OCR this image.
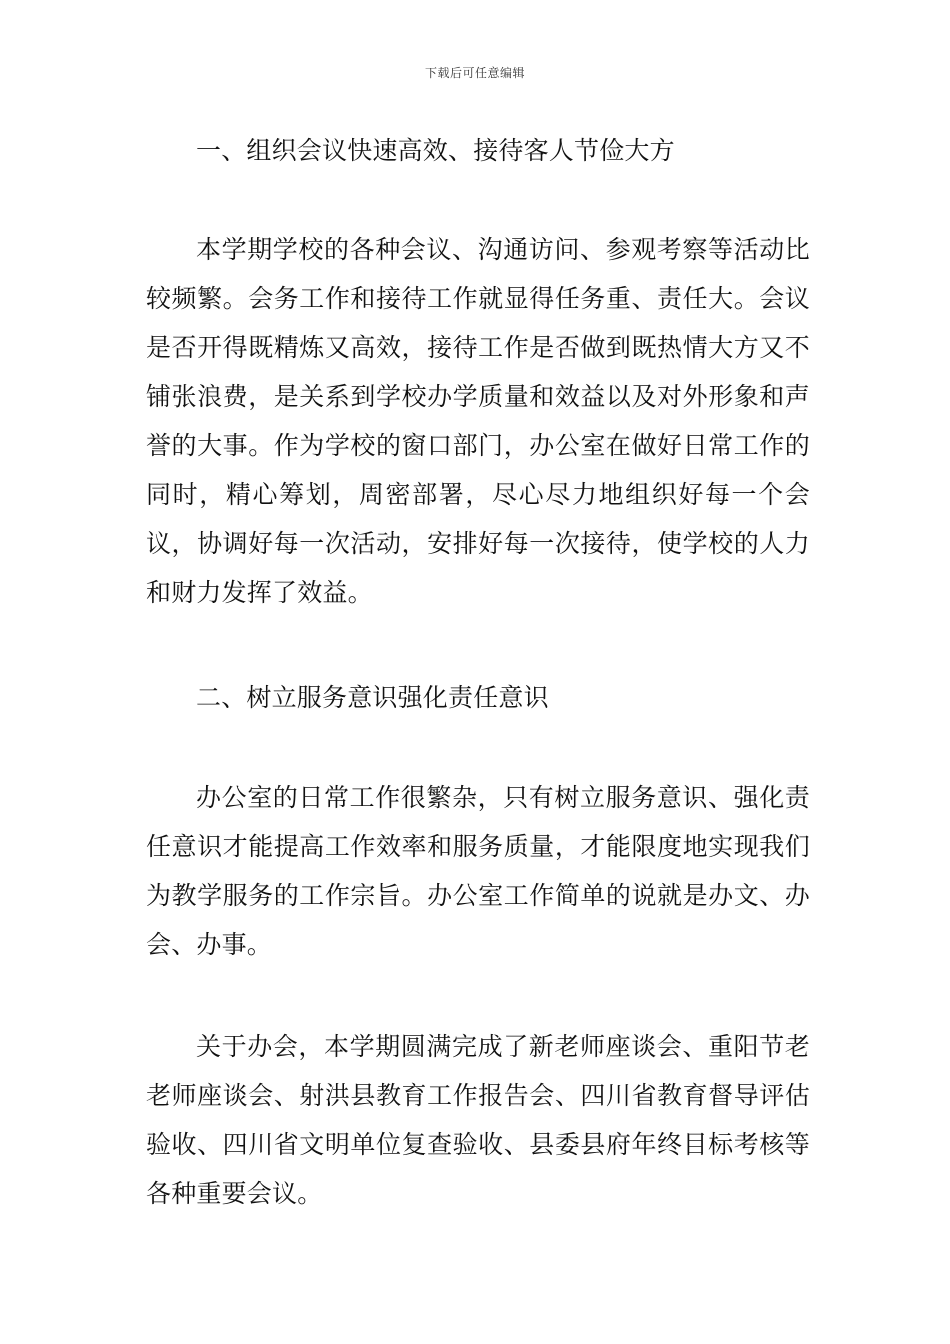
下载后可任意编辑

一、组织会议快速高效、接待客人节俭大方

本学期学校的各种会议、沟通访问、参观考察等活动比较频繁。会务工作和接待工作就显得任务重、责任大。会议是否开得既精炼又高效，接待工作是否做到既热情大方又不铺张浪费，是关系到学校办学质量和效益以及对外形象和声誉的大事。作为学校的窗口部门，办公室在做好日常工作的同时，精心筹划，周密部署，尽心尽力地组织好每一个会议，协调好每一次活动，安排好每一次接待，使学校的人力和财力发挥了效益。

二、树立服务意识强化责任意识

办公室的日常工作很繁杂，只有树立服务意识、强化责任意识才能提高工作效率和服务质量，才能限度地实现我们为教学服务的工作宗旨。办公室工作简单的说就是办文、办会、办事。

关于办会，本学期圆满完成了新老师座谈会、重阳节老老师座谈会、射洪县教育工作报告会、四川省教育督导评估验收、四川省文明单位复查验收、县委县府年终目标考核等各种重要会议。
